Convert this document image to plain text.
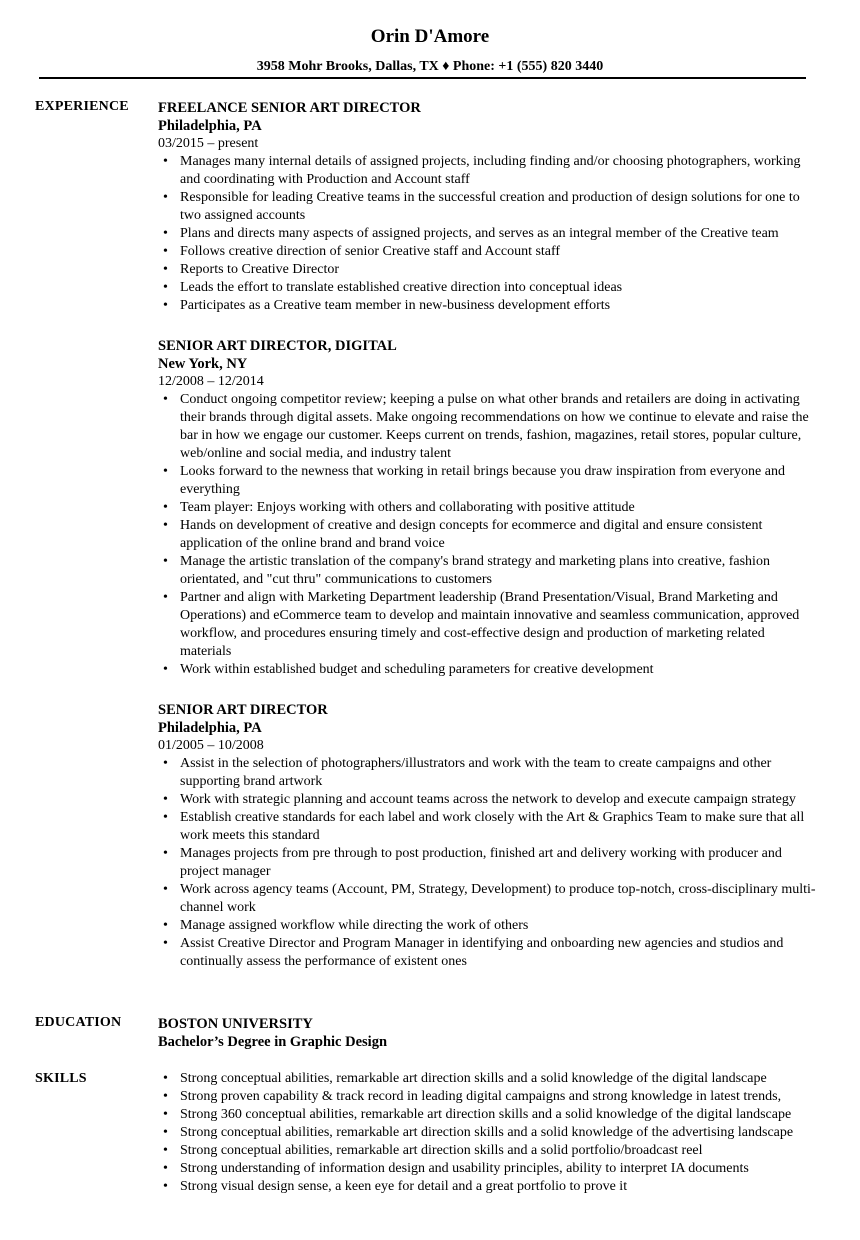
Orin D'Amore
3958 Mohr Brooks, Dallas, TX ♦ Phone: +1 (555) 820 3440
EXPERIENCE FREELANCE SENIOR ART DIRECTOR
Philadelphia, PA
03/2015 – present
• Manages many internal details of assigned projects, including finding and/or choosing photographers, working and coordinating with Production and Account staff
• Responsible for leading Creative teams in the successful creation and production of design solutions for one to two assigned accounts
• Plans and directs many aspects of assigned projects, and serves as an integral member of the Creative team
• Follows creative direction of senior Creative staff and Account staff
• Reports to Creative Director
• Leads the effort to translate established creative direction into conceptual ideas
• Participates as a Creative team member in new-business development efforts
SENIOR ART DIRECTOR, DIGITAL
New York, NY
12/2008 – 12/2014
• Conduct ongoing competitor review; keeping a pulse on what other brands and retailers are doing in activating their brands through digital assets. Make ongoing recommendations on how we continue to elevate and raise the bar in how we engage our customer. Keeps current on trends, fashion, magazines, retail stores, popular culture, web/online and social media, and industry talent
• Looks forward to the newness that working in retail brings because you draw inspiration from everyone and everything
• Team player: Enjoys working with others and collaborating with positive attitude
• Hands on development of creative and design concepts for ecommerce and digital and ensure consistent application of the online brand and brand voice
• Manage the artistic translation of the company's brand strategy and marketing plans into creative, fashion orientated, and "cut thru" communications to customers
• Partner and align with Marketing Department leadership (Brand Presentation/Visual, Brand Marketing and Operations) and eCommerce team to develop and maintain innovative and seamless communication, approved workflow, and procedures ensuring timely and cost-effective design and production of marketing related materials
• Work within established budget and scheduling parameters for creative development
SENIOR ART DIRECTOR
Philadelphia, PA
01/2005 – 10/2008
• Assist in the selection of photographers/illustrators and work with the team to create campaigns and other supporting brand artwork
• Work with strategic planning and account teams across the network to develop and execute campaign strategy
• Establish creative standards for each label and work closely with the Art & Graphics Team to make sure that all work meets this standard
• Manages projects from pre through to post production, finished art and delivery working with producer and project manager
• Work across agency teams (Account, PM, Strategy, Development) to produce top-notch, cross-disciplinary multi-channel work
• Manage assigned workflow while directing the work of others
• Assist Creative Director and Program Manager in identifying and onboarding new agencies and studios and continually assess the performance of existent ones
EDUCATION	BOSTON UNIVERSITY
Bachelor’s Degree in Graphic Design
SKILLS	• Strong conceptual abilities, remarkable art direction skills and a solid knowledge of the digital landscape
• Strong proven capability & track record in leading digital campaigns and strong knowledge in latest trends,
• Strong 360 conceptual abilities, remarkable art direction skills and a solid knowledge of the digital landscape
• Strong conceptual abilities, remarkable art direction skills and a solid knowledge of the advertising landscape
• Strong conceptual abilities, remarkable art direction skills and a solid portfolio/broadcast reel
• Strong understanding of information design and usability principles, ability to interpret IA documents
• Strong visual design sense, a keen eye for detail and a great portfolio to prove it
